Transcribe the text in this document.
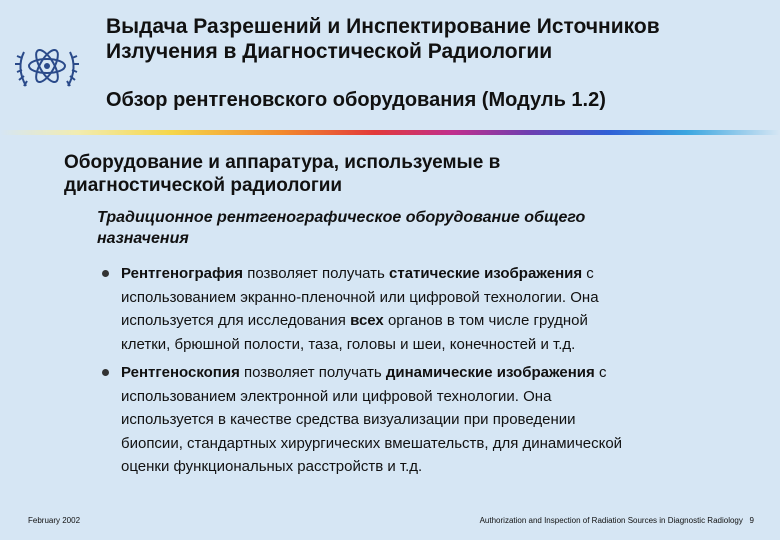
Выдача Разрешений и Инспектирование Источников
Излучения в Диагностической Радиологии
Обзор рентгеновского оборудования (Модуль 1.2)
Оборудование и аппаратура, используемые в
диагностической радиологии
Традиционное рентгенографическое оборудование общего
назначения
Рентгенография позволяет получать статические изображения с
использованием экранно-пленочной или цифровой технологии. Она
используется для исследования всех органов в том числе грудной
клетки, брюшной полости, таза, головы и шеи, конечностей и т.д.
Рентгеноскопия позволяет получать динамические изображения с
использованием электронной или цифровой технологии. Она
используется в качестве средства визуализации при проведении
биопсии, стандартных хирургических вмешательств, для динамической
оценки функциональных расстройств и т.д.
February 2002	Authorization and Inspection of Radiation Sources in Diagnostic Radiology 9
